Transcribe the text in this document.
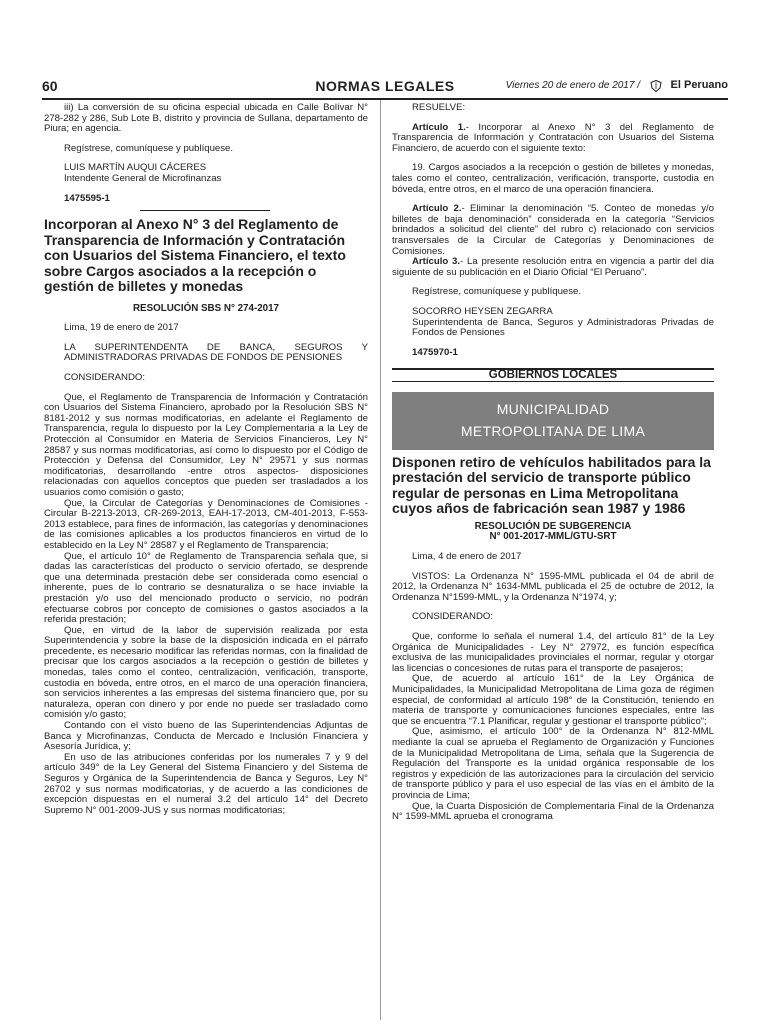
60	NORMAS LEGALES	Viernes 20 de enero de 2017 /	El Peruano

iii) La conversión de su oficina especial ubicada en Calle Bolívar N° 278-282 y 286, Sub Lote B, distrito y provincia de Sullana, departamento de Piura; en agencia.

Regístrese, comuníquese y publíquese.

LUIS MARTÍN AUQUI CÁCERES

Intendente General de Microfinanzas

1475595-1

Incorporan al Anexo N° 3 del Reglamento de Transparencia de Información y Contratación con Usuarios del Sistema Financiero, el texto sobre Cargos asociados a la recepción o gestión de billetes y monedas

RESOLUCIÓN SBS N° 274-2017

Lima, 19 de enero de 2017

LA SUPERINTENDENTA DE BANCA, SEGUROS Y ADMINISTRADORAS PRIVADAS DE FONDOS DE PENSIONES

CONSIDERANDO:

Que, el Reglamento de Transparencia de Información y Contratación con Usuarios del Sistema Financiero, aprobado por la Resolución SBS N° 8181-2012 y sus normas modificatorias, en adelante el Reglamento de Transparencia, regula lo dispuesto por la Ley Complementaria a la Ley de Protección al Consumidor en Materia de Servicios Financieros, Ley N° 28587 y sus normas modificatorias, así como lo dispuesto por el Código de Protección y Defensa del Consumidor, Ley N° 29571 y sus normas modificatorias, desarrollando -entre otros aspectos- disposiciones relacionadas con aquellos conceptos que pueden ser trasladados a los usuarios como comisión o gasto;

Que, la Circular de Categorías y Denominaciones de Comisiones - Circular B-2213-2013, CR-269-2013, EAH-17-2013, CM-401-2013, F-553-2013 establece, para fines de información, las categorías y denominaciones de las comisiones aplicables a los productos financieros en virtud de lo establecido en la Ley N° 28587 y el Reglamento de Transparencia;

Que, el artículo 10° de Reglamento de Transparencia señala que, si dadas las características del producto o servicio ofertado, se desprende que una determinada prestación debe ser considerada como esencial o inherente, pues de lo contrario se desnaturaliza o se hace inviable la prestación y/o uso del mencionado producto o servicio, no podrán efectuarse cobros por concepto de comisiones o gastos asociados a la referida prestación;

Que, en virtud de la labor de supervisión realizada por esta Superintendencia y sobre la base de la disposición indicada en el párrafo precedente, es necesario modificar las referidas normas, con la finalidad de precisar que los cargos asociados a la recepción o gestión de billetes y monedas, tales como el conteo, centralización, verificación, transporte, custodia en bóveda, entre otros, en el marco de una operación financiera, son servicios inherentes a las empresas del sistema financiero que, por su naturaleza, operan con dinero y por ende no puede ser trasladado como comisión y/o gasto;

Contando con el visto bueno de las Superintendencias Adjuntas de Banca y Microfinanzas, Conducta de Mercado e Inclusión Financiera y Asesoría Jurídica, y;

En uso de las atribuciones conferidas por los numerales 7 y 9 del artículo 349° de la Ley General del Sistema Financiero y del Sistema de Seguros y Orgánica de la Superintendencia de Banca y Seguros, Ley N° 26702 y sus normas modificatorias, y de acuerdo a las condiciones de excepción dispuestas en el numeral 3.2 del artículo 14° del Decreto Supremo N° 001-2009-JUS y sus normas modificatorias;

RESUELVE:

Artículo 1.- Incorporar al Anexo N° 3 del Reglamento de Transparencia de Información y Contratación con Usuarios del Sistema Financiero, de acuerdo con el siguiente texto:

19. Cargos asociados a la recepción o gestión de billetes y monedas, tales como el conteo, centralización, verificación, transporte, custodia en bóveda, entre otros, en el marco de una operación financiera.

Artículo 2.- Eliminar la denominación “5. Conteo de monedas y/o billetes de baja denominación” considerada en la categoría “Servicios brindados a solicitud del cliente” del rubro c) relacionado con servicios transversales de la Circular de Categorías y Denominaciones de Comisiones.

Artículo 3.- La presente resolución entra en vigencia a partir del día siguiente de su publicación en el Diario Oficial “El Peruano”.

Regístrese, comuníquese y publíquese.

SOCORRO HEYSEN ZEGARRA

Superintendenta de Banca, Seguros y Administradoras Privadas de Fondos de Pensiones

1475970-1

GOBIERNOS LOCALES

MUNICIPALIDAD
METROPOLITANA DE LIMA

Disponen retiro de vehículos habilitados para la prestación del servicio de transporte público regular de personas en Lima Metropolitana cuyos años de fabricación sean 1987 y 1986

RESOLUCIÓN DE SUBGERENCIA

N° 001-2017-MML/GTU-SRT

Lima, 4 de enero de 2017

VISTOS: La Ordenanza N° 1595-MML publicada el 04 de abril de 2012, la Ordenanza N° 1634-MML publicada el 25 de octubre de 2012, la Ordenanza N°1599-MML, y la Ordenanza N°1974, y;

CONSIDERANDO:

Que, conforme lo señala el numeral 1.4, del artículo 81° de la Ley Orgánica de Municipalidades - Ley N° 27972, es función específica exclusiva de las municipalidades provinciales el normar, regular y otorgar las licencias o concesiones de rutas para el transporte de pasajeros;

Que, de acuerdo al artículo 161° de la Ley Orgánica de Municipalidades, la Municipalidad Metropolitana de Lima goza de régimen especial, de conformidad al artículo 198° de la Constitución, teniendo en materia de transporte y comunicaciones funciones especiales, entre las que se encuentra “7.1 Planificar, regular y gestionar el transporte público”;

Que, asimismo, el artículo 100° de la Ordenanza N° 812-MML mediante la cual se aprueba el Reglamento de Organización y Funciones de la Municipalidad Metropolitana de Lima, señala que la Sugerencia de Regulación del Transporte es la unidad orgánica responsable de los registros y expedición de las autorizaciones para la circulación del servicio de transporte público y para el uso especial de las vías en el ámbito de la provincia de Lima;

Que, la Cuarta Disposición de Complementaria Final de la Ordenanza N° 1599-MML aprueba el cronograma
